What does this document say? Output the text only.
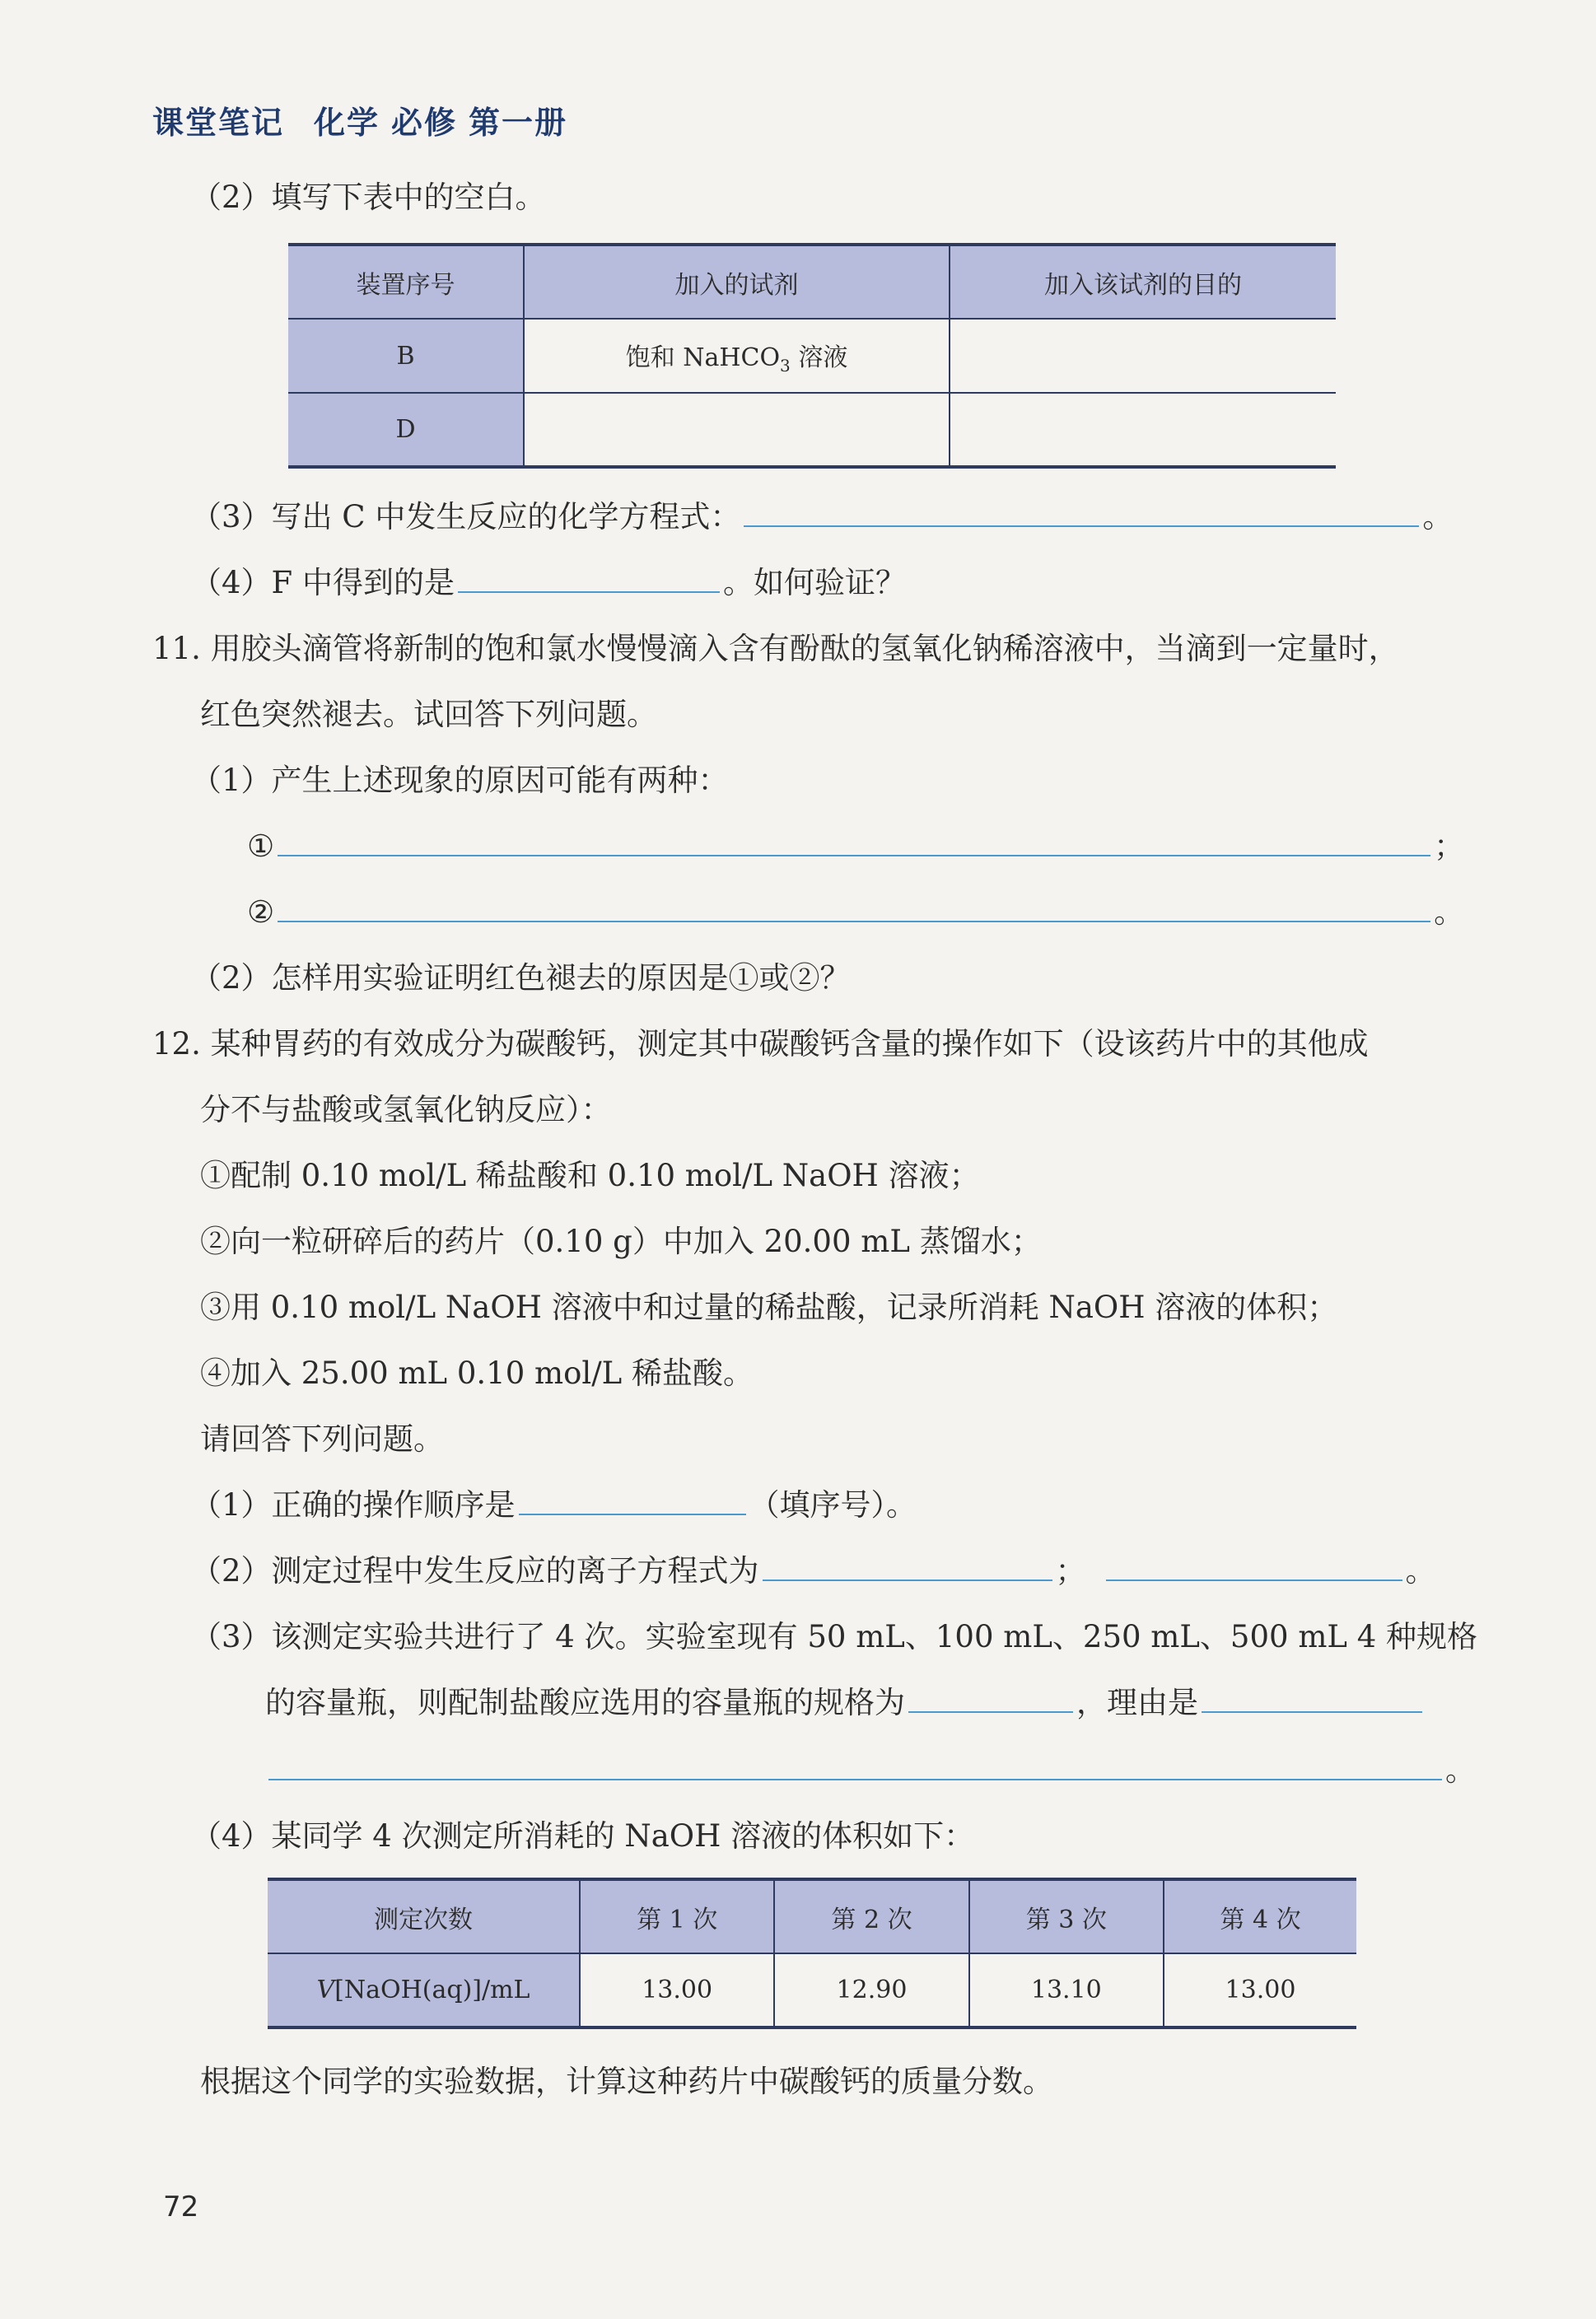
课堂笔记 化学 必修 第一册
（2）填写下表中的空白。
装置序号	加入的试剂	加入该试剂的目的
B	饱和 NaHCO$_3$ 溶液	
D		
（3）写出 C 中发生反应的化学方程式：	。
（4）F 中得到的是	。如何验证？
11. 用胶头滴管将新制的饱和氯水慢慢滴入含有酚酞的氢氧化钠稀溶液中，当滴到一定量时，
红色突然褪去。试回答下列问题。
（1）产生上述现象的原因可能有两种：
①	；
②	。
（2）怎样用实验证明红色褪去的原因是①或②？
12. 某种胃药的有效成分为碳酸钙，测定其中碳酸钙含量的操作如下（设该药片中的其他成
分不与盐酸或氢氧化钠反应）：
①配制 0.10 mol/L 稀盐酸和 0.10 mol/L NaOH 溶液；
②向一粒研碎后的药片（0.10 g）中加入 20.00 mL 蒸馏水；
③用 0.10 mol/L NaOH 溶液中和过量的稀盐酸，记录所消耗 NaOH 溶液的体积；
④加入 25.00 mL 0.10 mol/L 稀盐酸。
请回答下列问题。
（1）正确的操作顺序是	（填序号）。
（2）测定过程中发生反应的离子方程式为	；	。
（3）该测定实验共进行了 4 次。实验室现有 50 mL、100 mL、250 mL、500 mL 4 种规格
的容量瓶，则配制盐酸应选用的容量瓶的规格为	，理由是
。
（4）某同学 4 次测定所消耗的 NaOH 溶液的体积如下：
测定次数	第 1 次	第 2 次	第 3 次	第 4 次
V[NaOH(aq)]/mL	13.00	12.90	13.10	13.00
根据这个同学的实验数据，计算这种药片中碳酸钙的质量分数。
72
